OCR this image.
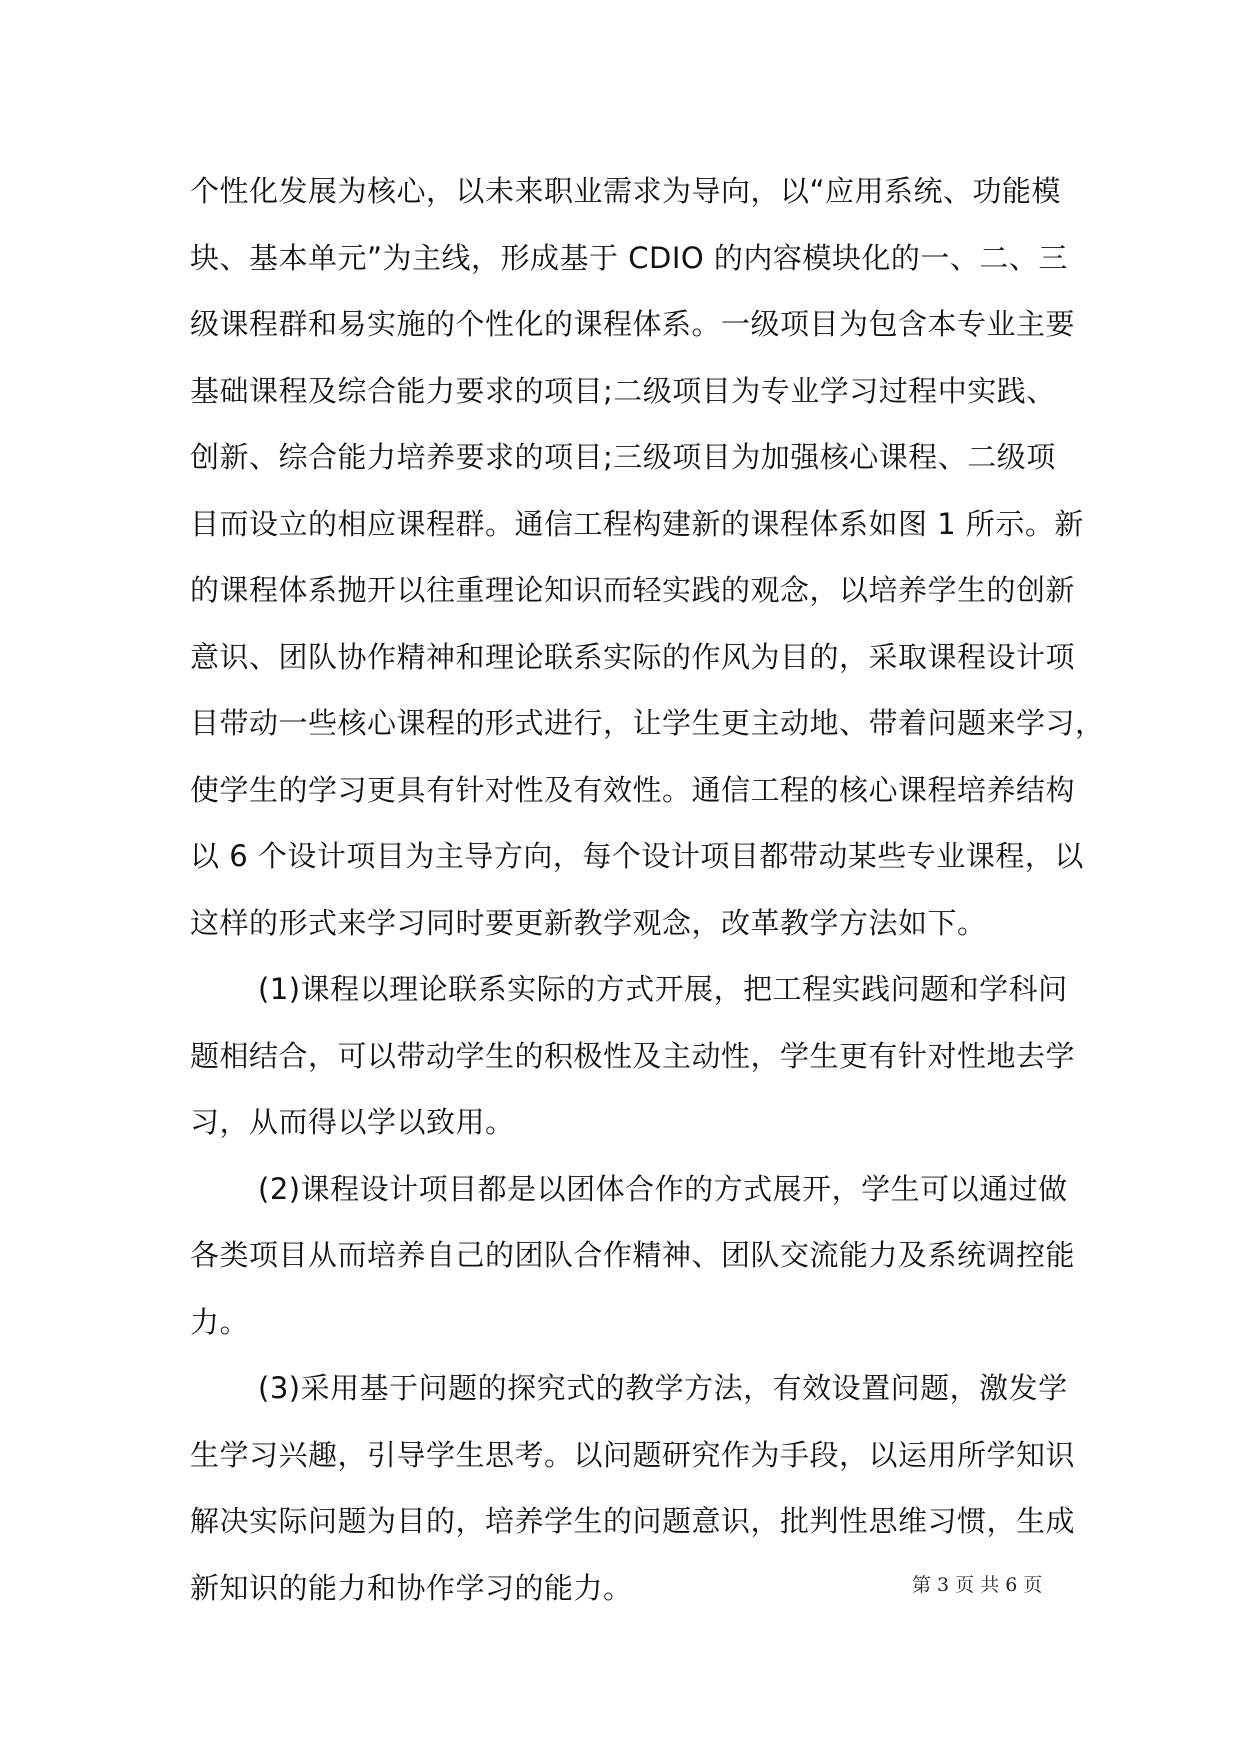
个性化发展为核心，以未来职业需求为导向，以“应用系统、功能模
块、基本单元”为主线，形成基于 CDIO 的内容模块化的一、二、三
级课程群和易实施的个性化的课程体系。一级项目为包含本专业主要
基础课程及综合能力要求的项目;二级项目为专业学习过程中实践、
创新、综合能力培养要求的项目;三级项目为加强核心课程、二级项
目而设立的相应课程群。通信工程构建新的课程体系如图 1 所示。新
的课程体系抛开以往重理论知识而轻实践的观念，以培养学生的创新
意识、团队协作精神和理论联系实际的作风为目的，采取课程设计项
目带动一些核心课程的形式进行，让学生更主动地、带着问题来学习，
使学生的学习更具有针对性及有效性。通信工程的核心课程培养结构
以 6 个设计项目为主导方向，每个设计项目都带动某些专业课程，以
这样的形式来学习同时要更新教学观念，改革教学方法如下。
(1)课程以理论联系实际的方式开展，把工程实践问题和学科问
题相结合，可以带动学生的积极性及主动性，学生更有针对性地去学
习，从而得以学以致用。
(2)课程设计项目都是以团体合作的方式展开，学生可以通过做
各类项目从而培养自己的团队合作精神、团队交流能力及系统调控能
力。
(3)采用基于问题的探究式的教学方法，有效设置问题，激发学
生学习兴趣，引导学生思考。以问题研究作为手段，以运用所学知识
解决实际问题为目的，培养学生的问题意识，批判性思维习惯，生成
新知识的能力和协作学习的能力。	第 3 页 共 6 页
